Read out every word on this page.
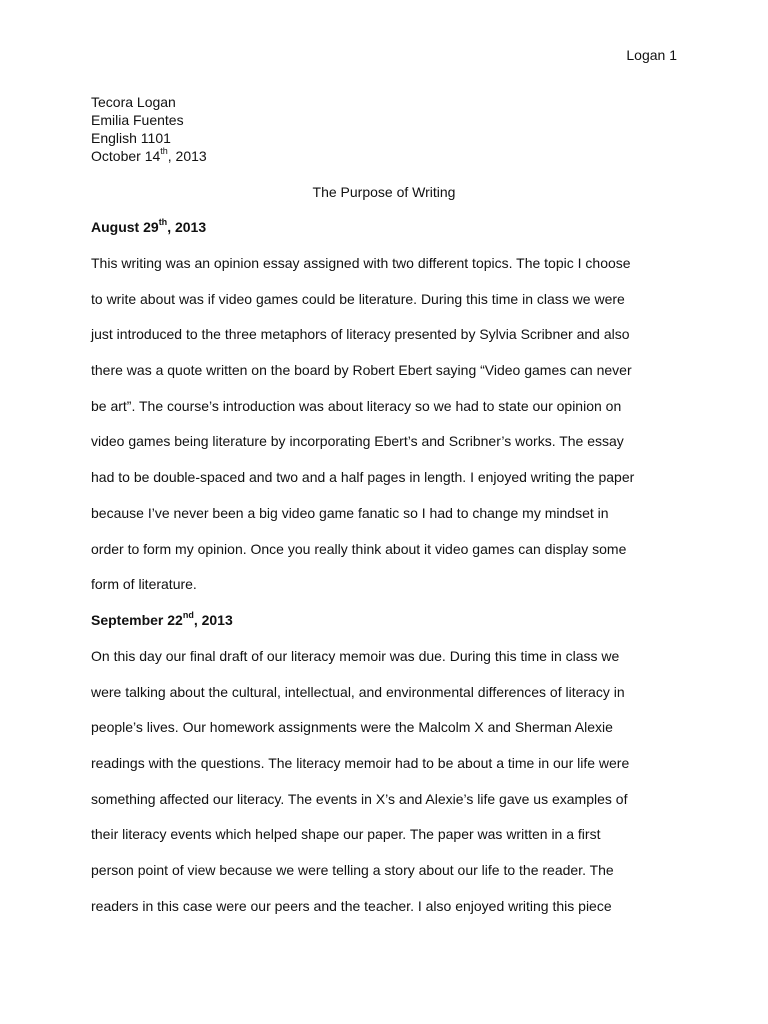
Logan 1
Tecora Logan
Emilia Fuentes
English 1101
October 14th, 2013
The Purpose of Writing
August 29th, 2013
This writing was an opinion essay assigned with two different topics. The topic I choose
to write about was if video games could be literature. During this time in class we were
just introduced to the three metaphors of literacy presented by Sylvia Scribner and also
there was a quote written on the board by Robert Ebert saying “Video games can never
be art”. The course’s introduction was about literacy so we had to state our opinion on
video games being literature by incorporating Ebert’s and Scribner’s works. The essay
had to be double-spaced and two and a half pages in length. I enjoyed writing the paper
because I’ve never been a big video game fanatic so I had to change my mindset in
order to form my opinion. Once you really think about it video games can display some
form of literature.
September 22nd, 2013
On this day our final draft of our literacy memoir was due. During this time in class we
were talking about the cultural, intellectual, and environmental differences of literacy in
people’s lives. Our homework assignments were the Malcolm X and Sherman Alexie
readings with the questions. The literacy memoir had to be about a time in our life were
something affected our literacy. The events in X’s and Alexie’s life gave us examples of
their literacy events which helped shape our paper. The paper was written in a first
person point of view because we were telling a story about our life to the reader. The
readers in this case were our peers and the teacher. I also enjoyed writing this piece
